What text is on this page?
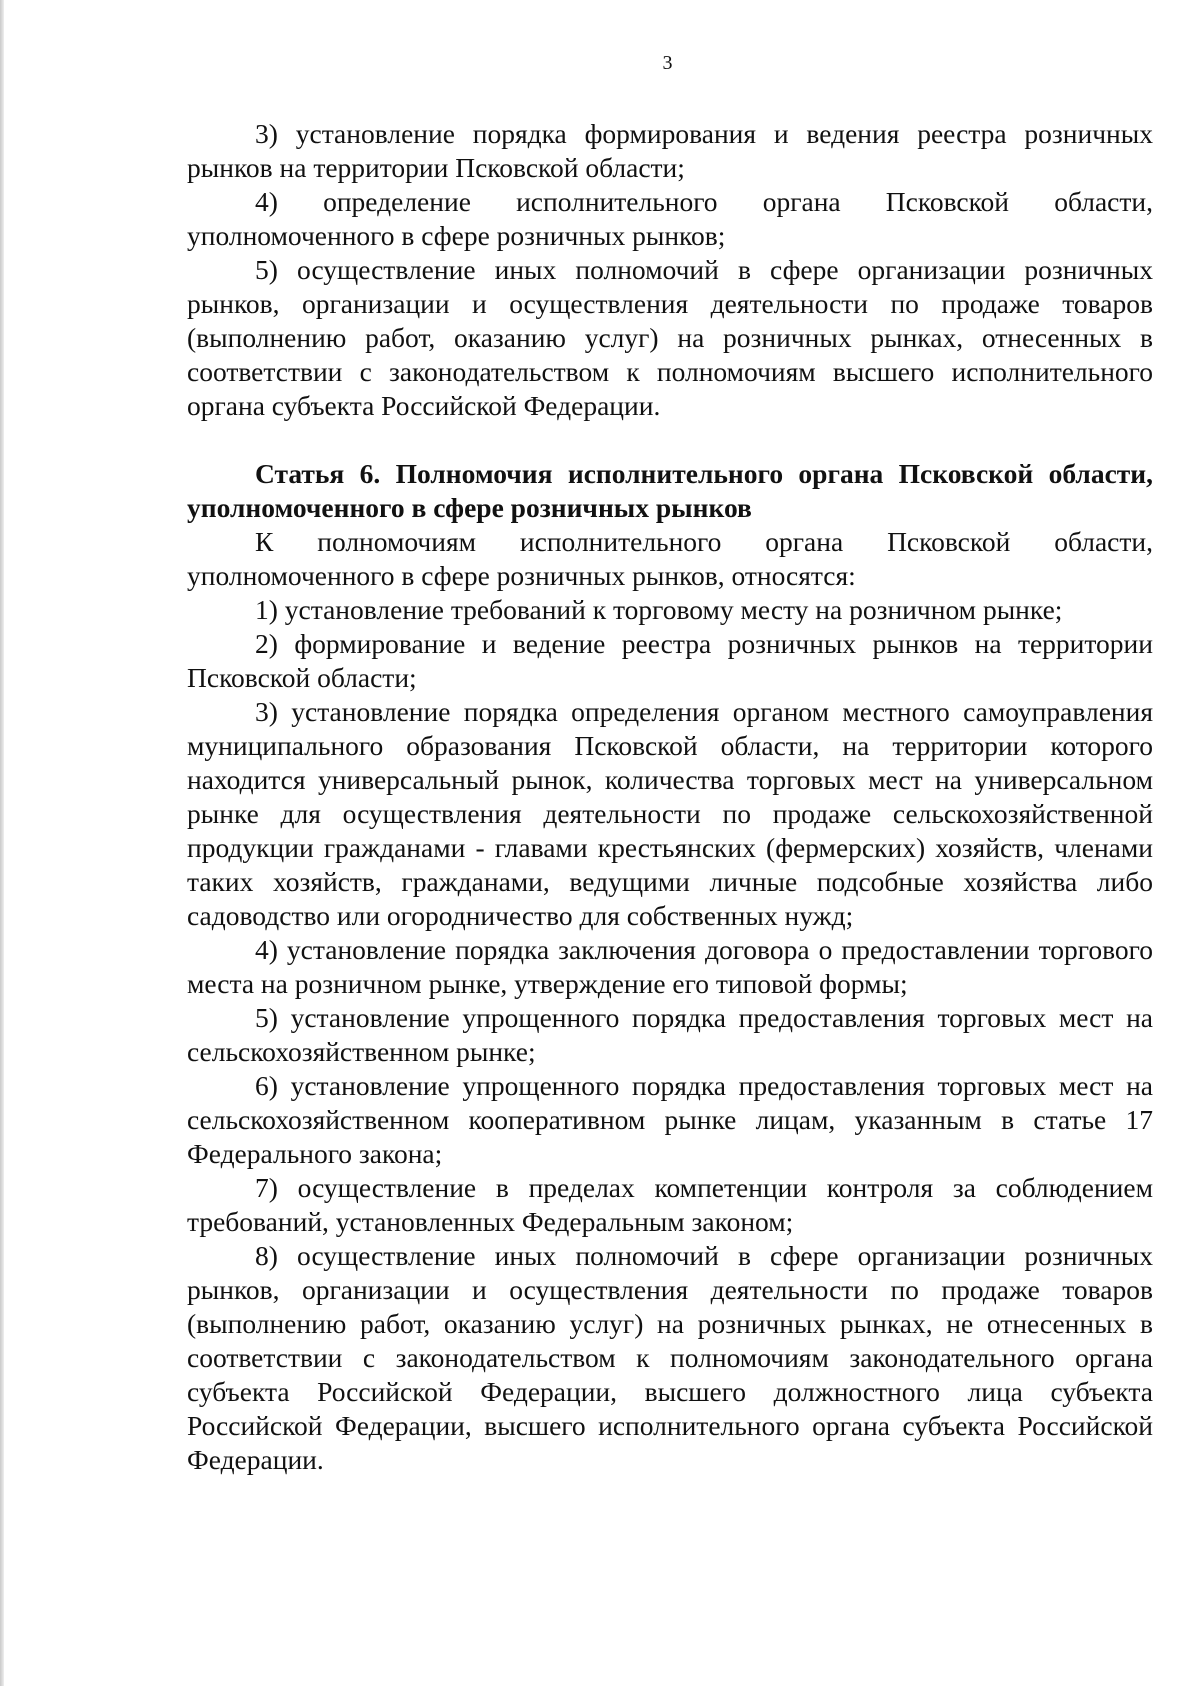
3

3) установление порядка формирования и ведения реестра розничных рынков на территории Псковской области;

4) определение исполнительного органа Псковской области, уполномоченного в сфере розничных рынков;

5) осуществление иных полномочий в сфере организации розничных рынков, организации и осуществления деятельности по продаже товаров (выполнению работ, оказанию услуг) на розничных рынках, отнесенных в соответствии с законодательством к полномочиям высшего исполнительного органа субъекта Российской Федерации.

Статья 6. Полномочия исполнительного органа Псковской области, уполномоченного в сфере розничных рынков

К полномочиям исполнительного органа Псковской области, уполномоченного в сфере розничных рынков, относятся:

1) установление требований к торговому месту на розничном рынке;

2) формирование и ведение реестра розничных рынков на территории Псковской области;

3) установление порядка определения органом местного самоуправления муниципального образования Псковской области, на территории которого находится универсальный рынок, количества торговых мест на универсальном рынке для осуществления деятельности по продаже сельскохозяйственной продукции гражданами - главами крестьянских (фермерских) хозяйств, членами таких хозяйств, гражданами, ведущими личные подсобные хозяйства либо садоводство или огородничество для собственных нужд;

4) установление порядка заключения договора о предоставлении торгового места на розничном рынке, утверждение его типовой формы;

5) установление упрощенного порядка предоставления торговых мест на сельскохозяйственном рынке;

6) установление упрощенного порядка предоставления торговых мест на сельскохозяйственном кооперативном рынке лицам, указанным в статье 17 Федерального закона;

7) осуществление в пределах компетенции контроля за соблюдением требований, установленных Федеральным законом;

8) осуществление иных полномочий в сфере организации розничных рынков, организации и осуществления деятельности по продаже товаров (выполнению работ, оказанию услуг) на розничных рынках, не отнесенных в соответствии с законодательством к полномочиям законодательного органа субъекта Российской Федерации, высшего должностного лица субъекта Российской Федерации, высшего исполнительного органа субъекта Российской Федерации.
